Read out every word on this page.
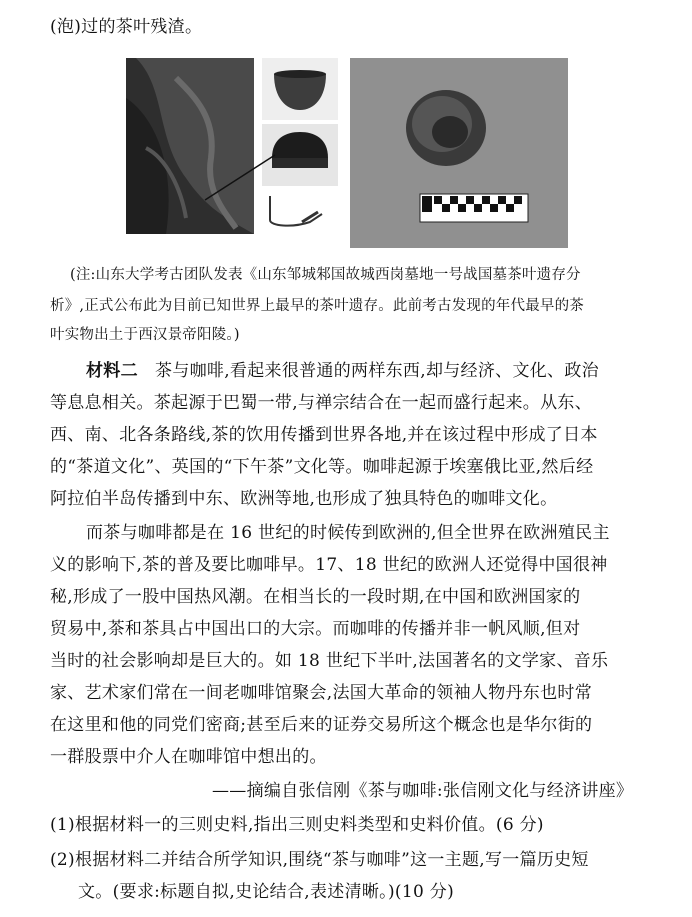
(泡)过的茶叶残渣。
(注:山东大学考古团队发表《山东邹城邾国故城西岗墓地一号战国墓茶叶遗存分
析》,正式公布此为目前已知世界上最早的茶叶遗存。此前考古发现的年代最早的茶
叶实物出土于西汉景帝阳陵。)
材料二 茶与咖啡,看起来很普通的两样东西,却与经济、文化、政治
等息息相关。茶起源于巴蜀一带,与禅宗结合在一起而盛行起来。从东、
西、南、北各条路线,茶的饮用传播到世界各地,并在该过程中形成了日本
的“茶道文化”、英国的“下午茶”文化等。咖啡起源于埃塞俄比亚,然后经
阿拉伯半岛传播到中东、欧洲等地,也形成了独具特色的咖啡文化。
而茶与咖啡都是在 16 世纪的时候传到欧洲的,但全世界在欧洲殖民主
义的影响下,茶的普及要比咖啡早。17、18 世纪的欧洲人还觉得中国很神
秘,形成了一股中国热风潮。在相当长的一段时期,在中国和欧洲国家的
贸易中,茶和茶具占中国出口的大宗。而咖啡的传播并非一帆风顺,但对
当时的社会影响却是巨大的。如 18 世纪下半叶,法国著名的文学家、音乐
家、艺术家们常在一间老咖啡馆聚会,法国大革命的领袖人物丹东也时常
在这里和他的同党们密商;甚至后来的证券交易所这个概念也是华尔街的
一群股票中介人在咖啡馆中想出的。
——摘编自张信刚《茶与咖啡:张信刚文化与经济讲座》
(1)根据材料一的三则史料,指出三则史料类型和史料价值。(6 分)
(2)根据材料二并结合所学知识,围绕“茶与咖啡”这一主题,写一篇历史短
文。(要求:标题自拟,史论结合,表述清晰。)(10 分)
